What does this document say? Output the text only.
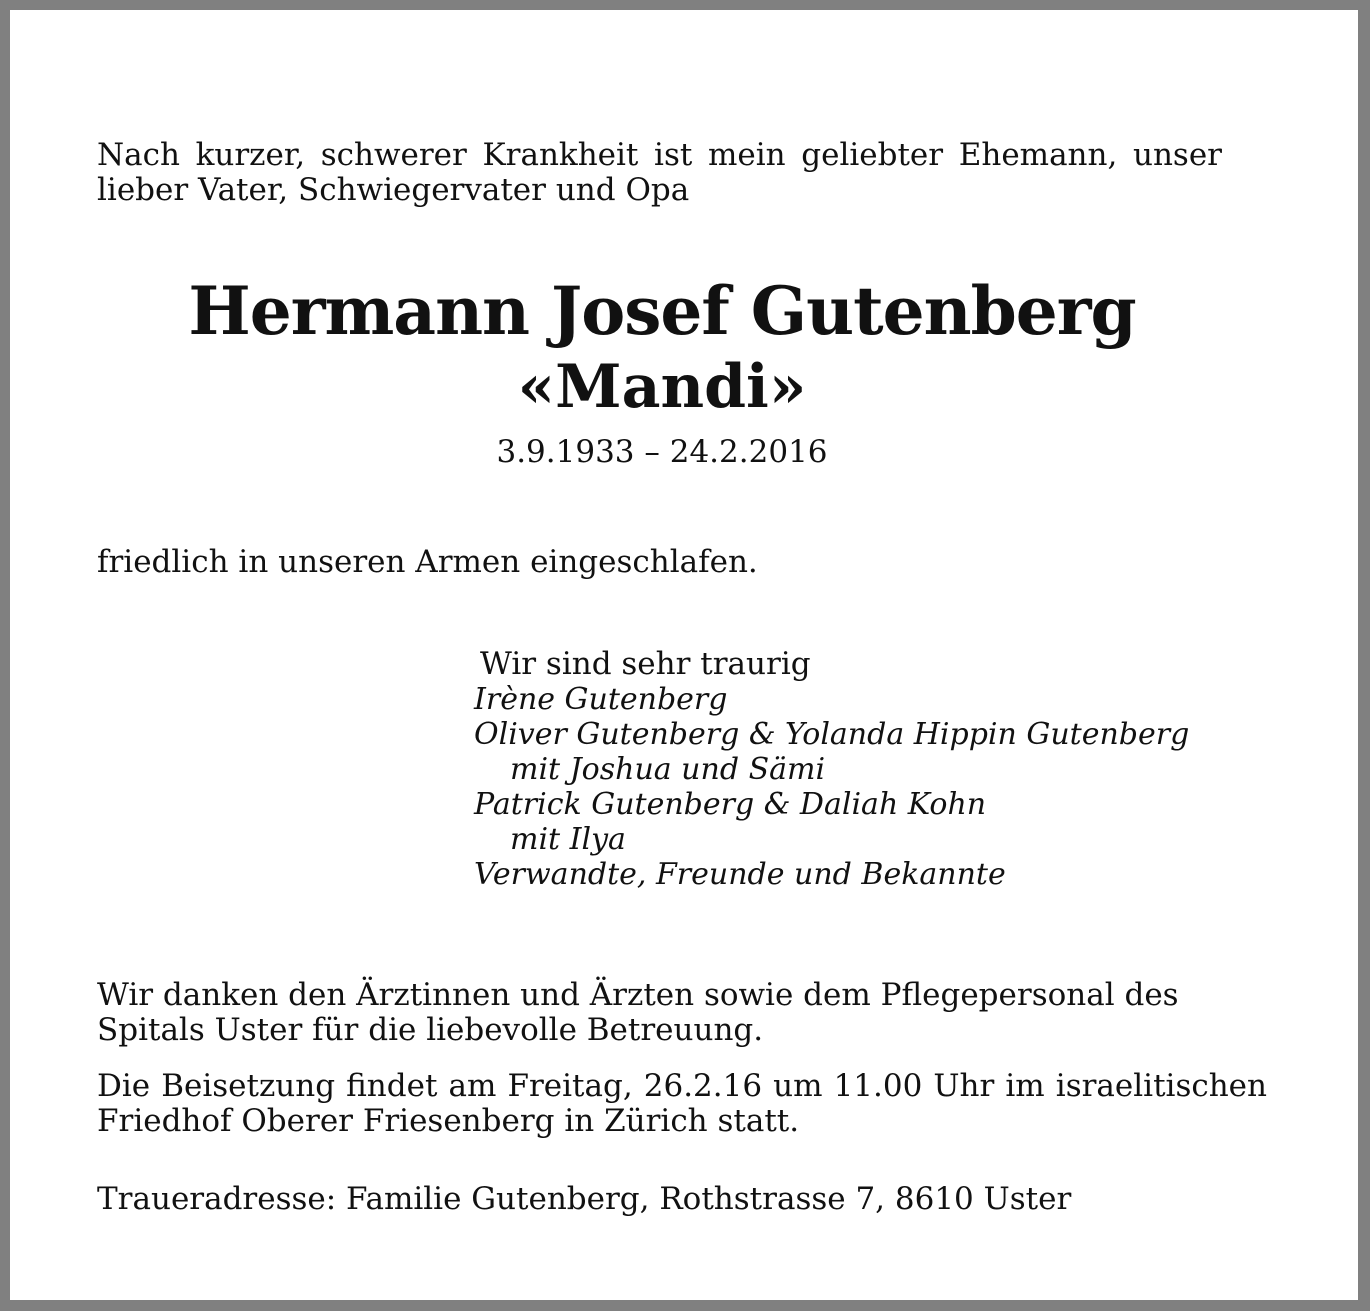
Nach kurzer, schwerer Krankheit ist mein geliebter Ehemann, unser
lieber Vater, Schwiegervater und Opa

Hermann Josef Gutenberg
«Mandi»
3.9.1933 – 24.2.2016

friedlich in unseren Armen eingeschlafen.

Wir sind sehr traurig
Irène Gutenberg
Oliver Gutenberg & Yolanda Hippin Gutenberg
mit Joshua und Sämi
Patrick Gutenberg & Daliah Kohn
mit Ilya
Verwandte, Freunde und Bekannte

Wir danken den Ärztinnen und Ärzten sowie dem Pflegepersonal des
Spitals Uster für die liebevolle Betreuung.

Die Beisetzung findet am Freitag, 26.2.16 um 11.00 Uhr im israelitischen
Friedhof Oberer Friesenberg in Zürich statt.

Traueradresse: Familie Gutenberg, Rothstrasse 7, 8610 Uster
